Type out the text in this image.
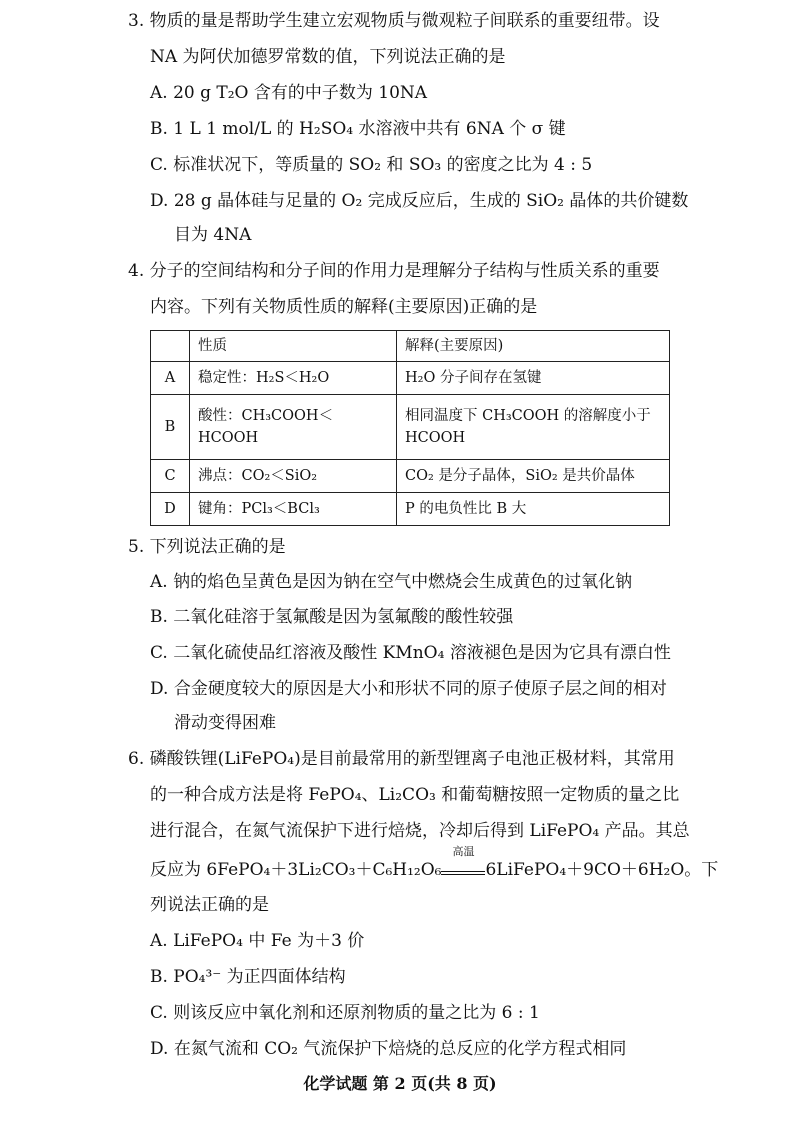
3. 物质的量是帮助学生建立宏观物质与微观粒子间联系的重要纽带。设
NA 为阿伏加德罗常数的值，下列说法正确的是
A. 20 g T₂O 含有的中子数为 10NA
B. 1 L 1 mol/L 的 H₂SO₄ 水溶液中共有 6NA 个 σ 键
C. 标准状况下，等质量的 SO₂ 和 SO₃ 的密度之比为 4 : 5
D. 28 g 晶体硅与足量的 O₂ 完成反应后，生成的 SiO₂ 晶体的共价键数
目为 4NA
4. 分子的空间结构和分子间的作用力是理解分子结构与性质关系的重要
内容。下列有关物质性质的解释(主要原因)正确的是
	性质	解释(主要原因)
A	稳定性：H₂S＜H₂O	H₂O 分子间存在氢键
B	酸性：CH₃COOH＜HCOOH	相同温度下 CH₃COOH 的溶解度小于 HCOOH
C	沸点：CO₂＜SiO₂	CO₂ 是分子晶体，SiO₂ 是共价晶体
D	键角：PCl₃＜BCl₃	P 的电负性比 B 大
5. 下列说法正确的是
A. 钠的焰色呈黄色是因为钠在空气中燃烧会生成黄色的过氧化钠
B. 二氧化硅溶于氢氟酸是因为氢氟酸的酸性较强
C. 二氧化硫使品红溶液及酸性 KMnO₄ 溶液褪色是因为它具有漂白性
D. 合金硬度较大的原因是大小和形状不同的原子使原子层之间的相对
滑动变得困难
6. 磷酸铁锂(LiFePO₄)是目前最常用的新型锂离子电池正极材料，其常用
的一种合成方法是将 FePO₄、Li₂CO₃ 和葡萄糖按照一定物质的量之比
进行混合，在氮气流保护下进行焙烧，冷却后得到 LiFePO₄ 产品。其总
反应为 6FePO₄＋3Li₂CO₃＋C₆H₁₂O₆
高温
6LiFePO₄＋9CO＋6H₂O。下
列说法正确的是
A. LiFePO₄ 中 Fe 为＋3 价
B. PO₄³⁻ 为正四面体结构
C. 则该反应中氧化剂和还原剂物质的量之比为 6 : 1
D. 在氮气流和 CO₂ 气流保护下焙烧的总反应的化学方程式相同
化学试题 第 2 页(共 8 页)
